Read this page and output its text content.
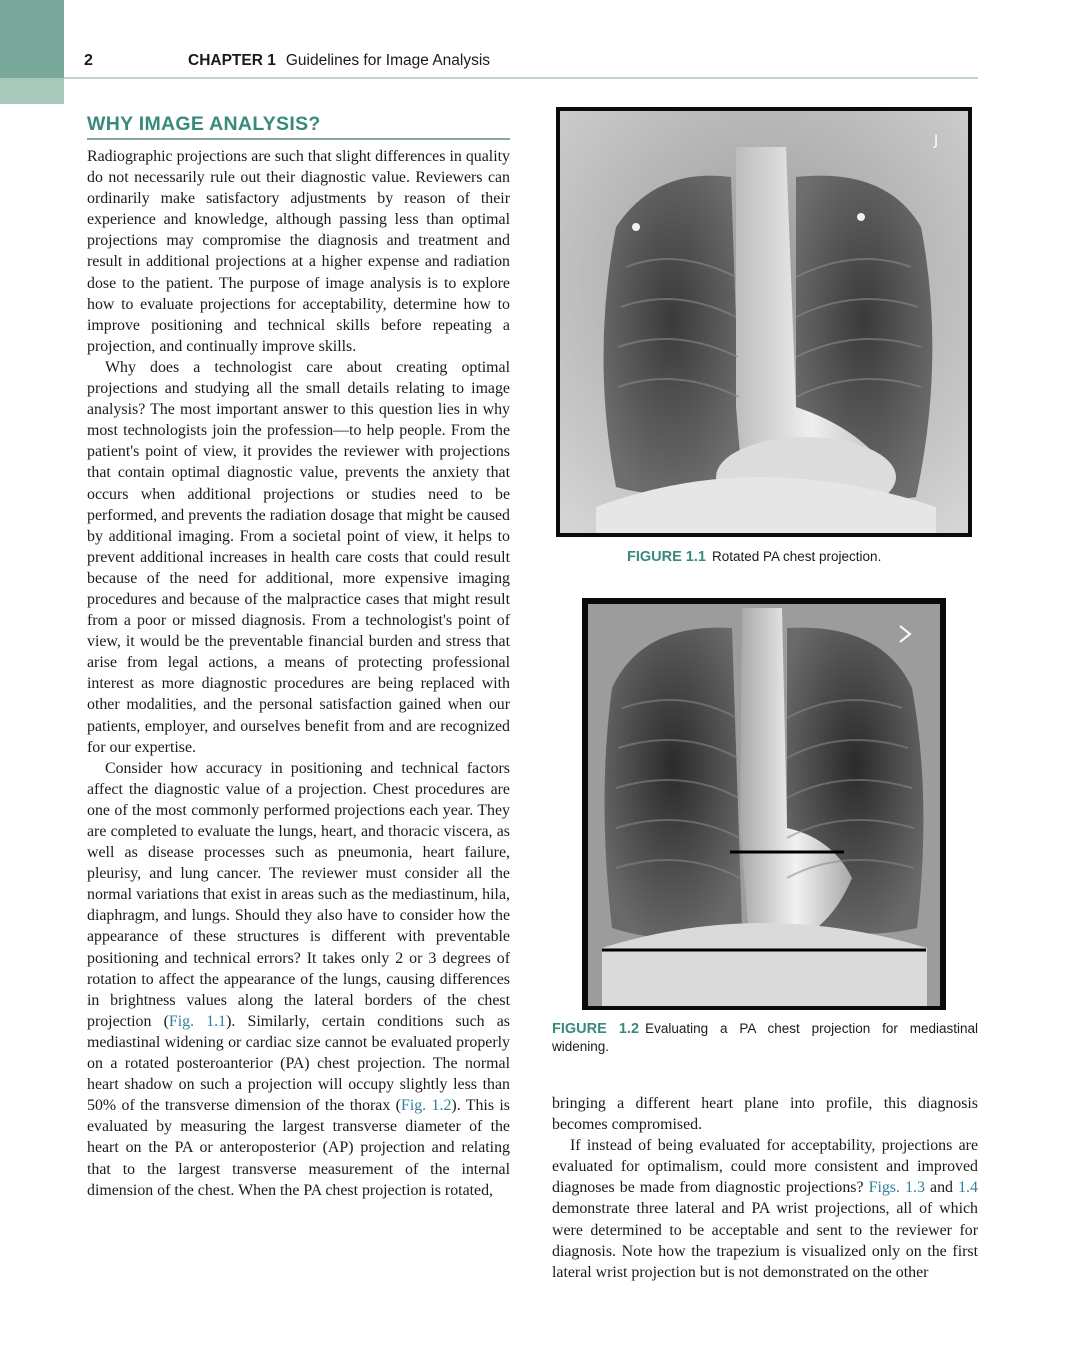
2	CHAPTER 1 Guidelines for Image Analysis
WHY IMAGE ANALYSIS?

Radiographic projections are such that slight differences in quality do not necessarily rule out their diagnostic value. Reviewers can ordinarily make satisfactory adjustments by reason of their experience and knowledge, although passing less than optimal projections may compromise the diagnosis and treatment and result in additional projections at a higher expense and radiation dose to the patient. The purpose of image analysis is to explore how to evaluate projections for acceptability, determine how to improve positioning and technical skills before repeating a projection, and continually improve skills.

Why does a technologist care about creating optimal projections and studying all the small details relating to image analysis? The most important answer to this question lies in why most technologists join the profession—to help people. From the patient's point of view, it provides the reviewer with projections that contain optimal diagnostic value, prevents the anxiety that occurs when additional projections or studies need to be performed, and prevents the radiation dosage that might be caused by additional imaging. From a societal point of view, it helps to prevent additional increases in health care costs that could result because of the need for additional, more expensive imaging procedures and because of the malpractice cases that might result from a poor or missed diagnosis. From a technologist's point of view, it would be the preventable financial burden and stress that arise from legal actions, a means of protecting professional interest as more diagnostic procedures are being replaced with other modalities, and the personal satisfaction gained when our patients, employer, and ourselves benefit from and are recognized for our expertise.

Consider how accuracy in positioning and technical factors affect the diagnostic value of a projection. Chest procedures are one of the most commonly performed projections each year. They are completed to evaluate the lungs, heart, and thoracic viscera, as well as disease processes such as pneumonia, heart failure, pleurisy, and lung cancer. The reviewer must consider all the normal variations that exist in areas such as the mediastinum, hila, diaphragm, and lungs. Should they also have to consider how the appearance of these structures is different with preventable positioning and technical errors? It takes only 2 or 3 degrees of rotation to affect the appearance of the lungs, causing differences in brightness values along the lateral borders of the chest projection (Fig. 1.1). Similarly, certain conditions such as mediastinal widening or cardiac size cannot be evaluated properly on a rotated posteroanterior (PA) chest projection. The normal heart shadow on such a projection will occupy slightly less than 50% of the transverse dimension of the thorax (Fig. 1.2). This is evaluated by measuring the largest transverse diameter of the heart on the PA or anteroposterior (AP) projection and relating that to the largest transverse measurement of the internal dimension of the chest. When the PA chest projection is rotated,

J
FIGURE 1.1 Rotated PA chest projection.
FIGURE 1.2 Evaluating a PA chest projection for mediastinal widening.

bringing a different heart plane into profile, this diagnosis becomes compromised.

If instead of being evaluated for acceptability, projections are evaluated for optimalism, could more consistent and improved diagnoses be made from diagnostic projections? Figs. 1.3 and 1.4 demonstrate three lateral and PA wrist projections, all of which were determined to be acceptable and sent to the reviewer for diagnosis. Note how the trapezium is visualized only on the first lateral wrist projection but is not demonstrated on the other
